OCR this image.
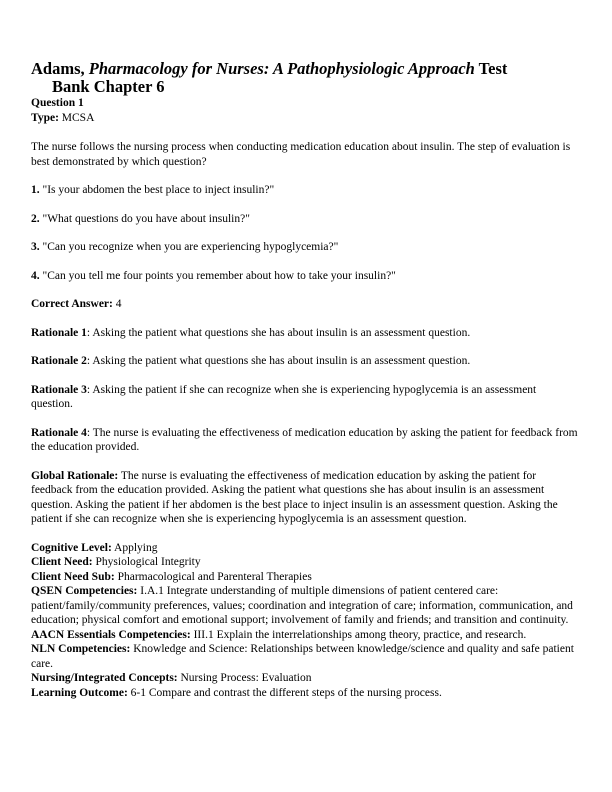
Adams, Pharmacology for Nurses: A Pathophysiologic Approach Test
Bank Chapter 6
Question 1
Type: MCSA

The nurse follows the nursing process when conducting medication education about insulin. The step of evaluation is best demonstrated by which question?

1. "Is your abdomen the best place to inject insulin?"

2. "What questions do you have about insulin?"

3. "Can you recognize when you are experiencing hypoglycemia?"

4. "Can you tell me four points you remember about how to take your insulin?"

Correct Answer: 4

Rationale 1: Asking the patient what questions she has about insulin is an assessment question.

Rationale 2: Asking the patient what questions she has about insulin is an assessment question.

Rationale 3: Asking the patient if she can recognize when she is experiencing hypoglycemia is an assessment question.

Rationale 4: The nurse is evaluating the effectiveness of medication education by asking the patient for feedback from the education provided.

Global Rationale: The nurse is evaluating the effectiveness of medication education by asking the patient for feedback from the education provided. Asking the patient what questions she has about insulin is an assessment question. Asking the patient if her abdomen is the best place to inject insulin is an assessment question. Asking the patient if she can recognize when she is experiencing hypoglycemia is an assessment question.

Cognitive Level: Applying

Client Need: Physiological Integrity

Client Need Sub: Pharmacological and Parenteral Therapies

QSEN Competencies: I.A.1 Integrate understanding of multiple dimensions of patient centered care: patient/family/community preferences, values; coordination and integration of care; information, communication, and education; physical comfort and emotional support; involvement of family and friends; and transition and continuity.

AACN Essentials Competencies: III.1 Explain the interrelationships among theory, practice, and research.

NLN Competencies: Knowledge and Science: Relationships between knowledge/science and quality and safe patient care.

Nursing/Integrated Concepts: Nursing Process: Evaluation

Learning Outcome: 6-1 Compare and contrast the different steps of the nursing process.
